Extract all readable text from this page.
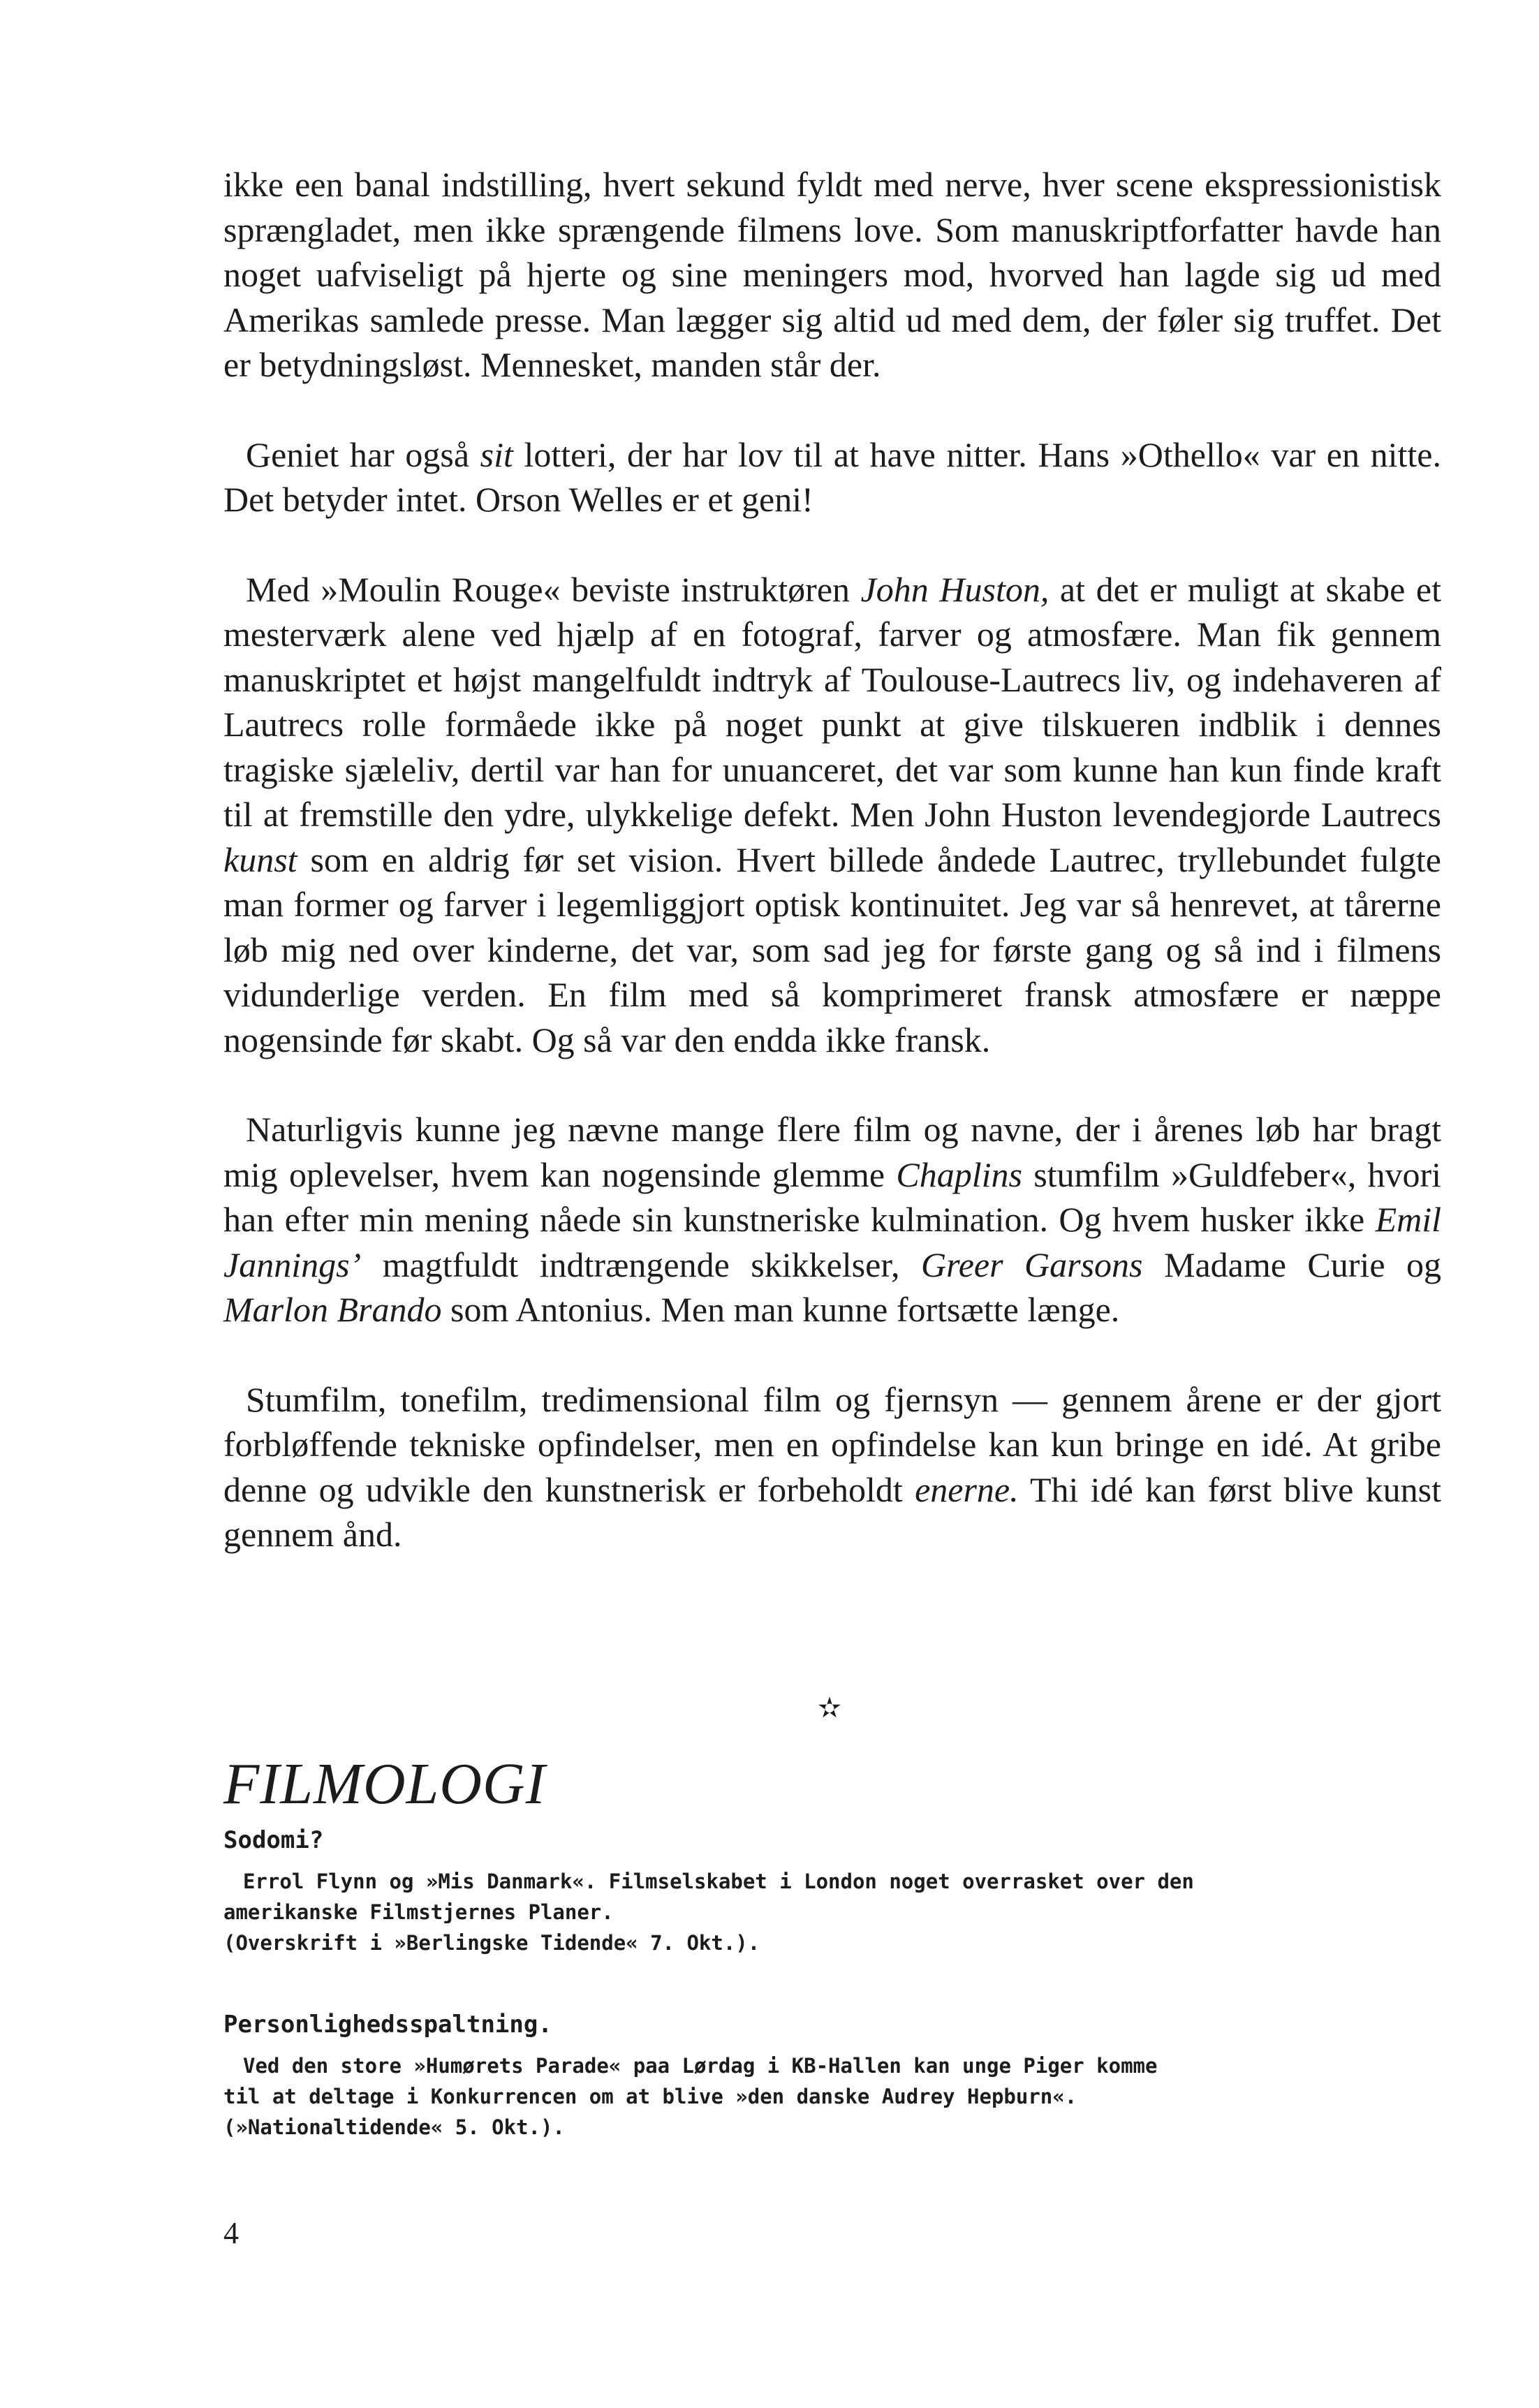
ikke een banal indstilling, hvert sekund fyldt med nerve, hver scene ekspressionistisk sprængladet, men ikke sprængende filmens love. Som manuskriptforfatter havde han noget uafviseligt på hjerte og sine meningers mod, hvorved han lagde sig ud med Amerikas samlede presse. Man lægger sig altid ud med dem, der føler sig truffet. Det er betydningsløst. Mennesket, manden står der.

Geniet har også sit lotteri, der har lov til at have nitter. Hans »Othello« var en nitte. Det betyder intet. Orson Welles er et geni!

Med »Moulin Rouge« beviste instruktøren John Huston, at det er muligt at skabe et mesterværk alene ved hjælp af en fotograf, farver og atmosfære. Man fik gennem manuskriptet et højst mangelfuldt indtryk af Toulouse-Lautrecs liv, og indehaveren af Lautrecs rolle formåede ikke på noget punkt at give tilskueren indblik i dennes tragiske sjæleliv, dertil var han for unuanceret, det var som kunne han kun finde kraft til at fremstille den ydre, ulykkelige defekt. Men John Huston levendegjorde Lautrecs kunst som en aldrig før set vision. Hvert billede åndede Lautrec, tryllebundet fulgte man former og farver i legemliggjort optisk kontinuitet. Jeg var så henrevet, at tårerne løb mig ned over kinderne, det var, som sad jeg for første gang og så ind i filmens vidunderlige verden. En film med så komprimeret fransk atmosfære er næppe nogensinde før skabt. Og så var den endda ikke fransk.

Naturligvis kunne jeg nævne mange flere film og navne, der i årenes løb har bragt mig oplevelser, hvem kan nogensinde glemme Chaplins stumfilm »Guldfeber«, hvori han efter min mening nåede sin kunstneriske kulmination. Og hvem husker ikke Emil Jannings’ magtfuldt indtrængende skikkelser, Greer Garsons Madame Curie og Marlon Brando som Antonius. Men man kunne fortsætte længe.

Stumfilm, tonefilm, tredimensional film og fjernsyn — gennem årene er der gjort forbløffende tekniske opfindelser, men en opfindelse kan kun bringe en idé. At gribe denne og udvikle den kunstnerisk er forbeholdt enerne. Thi idé kan først blive kunst gennem ånd.

✫
FILMOLOGI
Sodomi?

Errol Flynn og »Mis Danmark«. Filmselskabet i London noget overrasket over den
amerikanske Filmstjernes Planer.
(Overskrift i »Berlingske Tidende« 7. Okt.).

Personlighedsspaltning.

Ved den store »Humørets Parade« paa Lørdag i KB-Hallen kan unge Piger komme
til at deltage i Konkurrencen om at blive »den danske Audrey Hepburn«.
(»Nationaltidende« 5. Okt.).

4
